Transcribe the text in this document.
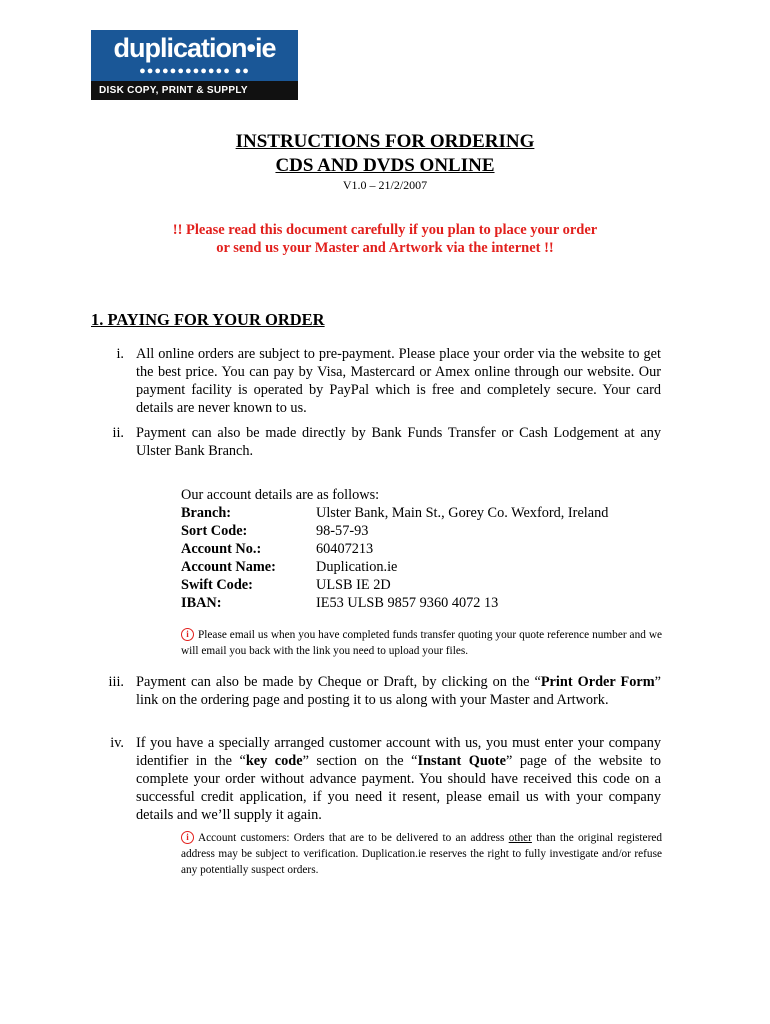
duplication•ie
●●●●●●●●●●●● ●●
DISK COPY, PRINT & SUPPLY
INSTRUCTIONS FOR ORDERING
CDS AND DVDS ONLINE
V1.0 – 21/2/2007
!! Please read this document carefully if you plan to place your order
or send us your Master and Artwork via the internet !!
1. PAYING FOR YOUR ORDER
i. All online orders are subject to pre-payment. Please place your order via the website to get the best price. You can pay by Visa, Mastercard or Amex online through our website. Our payment facility is operated by PayPal which is free and completely secure. Your card details are never known to us.
ii. Payment can also be made directly by Bank Funds Transfer or Cash Lodgement at any Ulster Bank Branch.
Our account details are as follows:
Branch:	Ulster Bank, Main St., Gorey Co. Wexford, Ireland
Sort Code:	98-57-93
Account No.:	60407213
Account Name:	Duplication.ie
Swift Code:	ULSB IE 2D
IBAN:	IE53 ULSB 9857 9360 4072 13
i Please email us when you have completed funds transfer quoting your quote reference number and we will email you back with the link you need to upload your files.
iii. Payment can also be made by Cheque or Draft, by clicking on the “Print Order Form” link on the ordering page and posting it to us along with your Master and Artwork.
iv. If you have a specially arranged customer account with us, you must enter your company identifier in the “key code” section on the “Instant Quote” page of the website to complete your order without advance payment. You should have received this code on a successful credit application, if you need it resent, please email us with your company details and we’ll supply it again.
i Account customers: Orders that are to be delivered to an address other than the original registered address may be subject to verification. Duplication.ie reserves the right to fully investigate and/or refuse any potentially suspect orders.
